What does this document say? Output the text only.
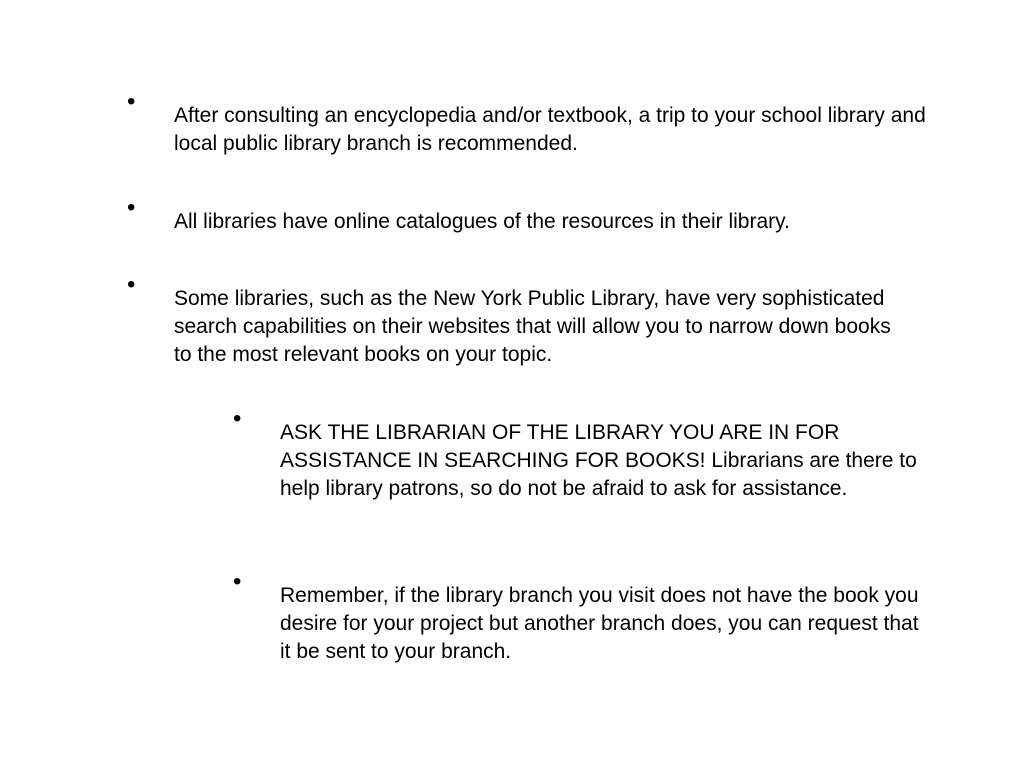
•
After consulting an encyclopedia and/or textbook, a trip to your school library and local public library branch is recommended.
•
All libraries have online catalogues of the resources in their library.
•
Some libraries, such as the New York Public Library, have very sophisticated search capabilities on their websites that will allow you to narrow down books to the most relevant books on your topic.
•
ASK THE LIBRARIAN OF THE LIBRARY YOU ARE IN FOR ASSISTANCE IN SEARCHING FOR BOOKS! Librarians are there to help library patrons, so do not be afraid to ask for assistance.
•
Remember, if the library branch you visit does not have the book you desire for your project but another branch does, you can request that it be sent to your branch.
